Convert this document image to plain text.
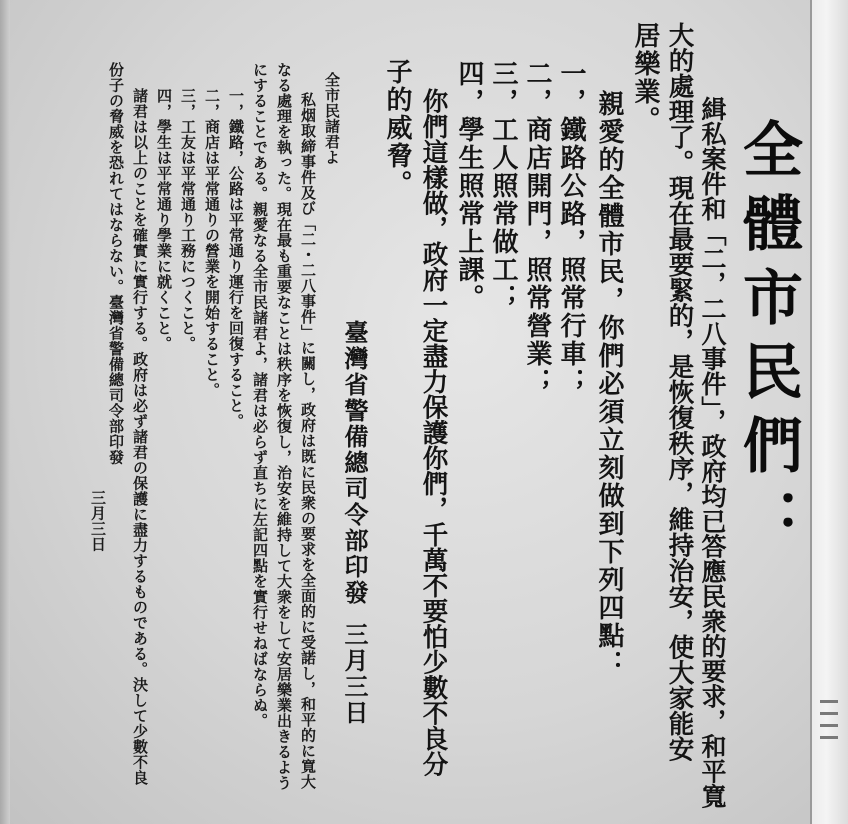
全體市民們：
緝私案件和「二，二八事件」，政府均已答應民衆的要求，和平寬
大的處理了。現在最要緊的，是恢復秩序，維持治安，使大家能安
居樂業。
親愛的全體市民，你們必須立刻做到下列四點：
一，鐵路公路，照常行車；
二，商店開門，照常營業；
三，工人照常做工；
四，學生照常上課。
你們這樣做，政府一定盡力保護你們，千萬不要怕少數不良分
子的威脅。
臺灣省警備總司令部印發
三月三日
全市民諸君よ
私烟取締事件及び「二・二八事件」に關し，政府は既に民衆の要求を全面的に受諾し，和平的に寬大
なる處理を執った。現在最も重要なことは秩序を恢復し，治安を維持して大衆をして安居樂業出きるよう
にすることである。親愛なる全市民諸君よ，諸君は必らず直ちに左記四點を實行せねばならぬ。
一，鐵路，公路は平常通り運行を回復すること。
二，商店は平常通りの營業を開始すること。
三，工友は平常通り工務につくこと。
四，學生は平常通り學業に就くこと。
諸君は以上のことを確實に實行する。政府は必ず諸君の保護に盡力するものである。決して少數不良
份子の脅威を恐れてはならない。臺灣省警備總司令部印發
三月三日
